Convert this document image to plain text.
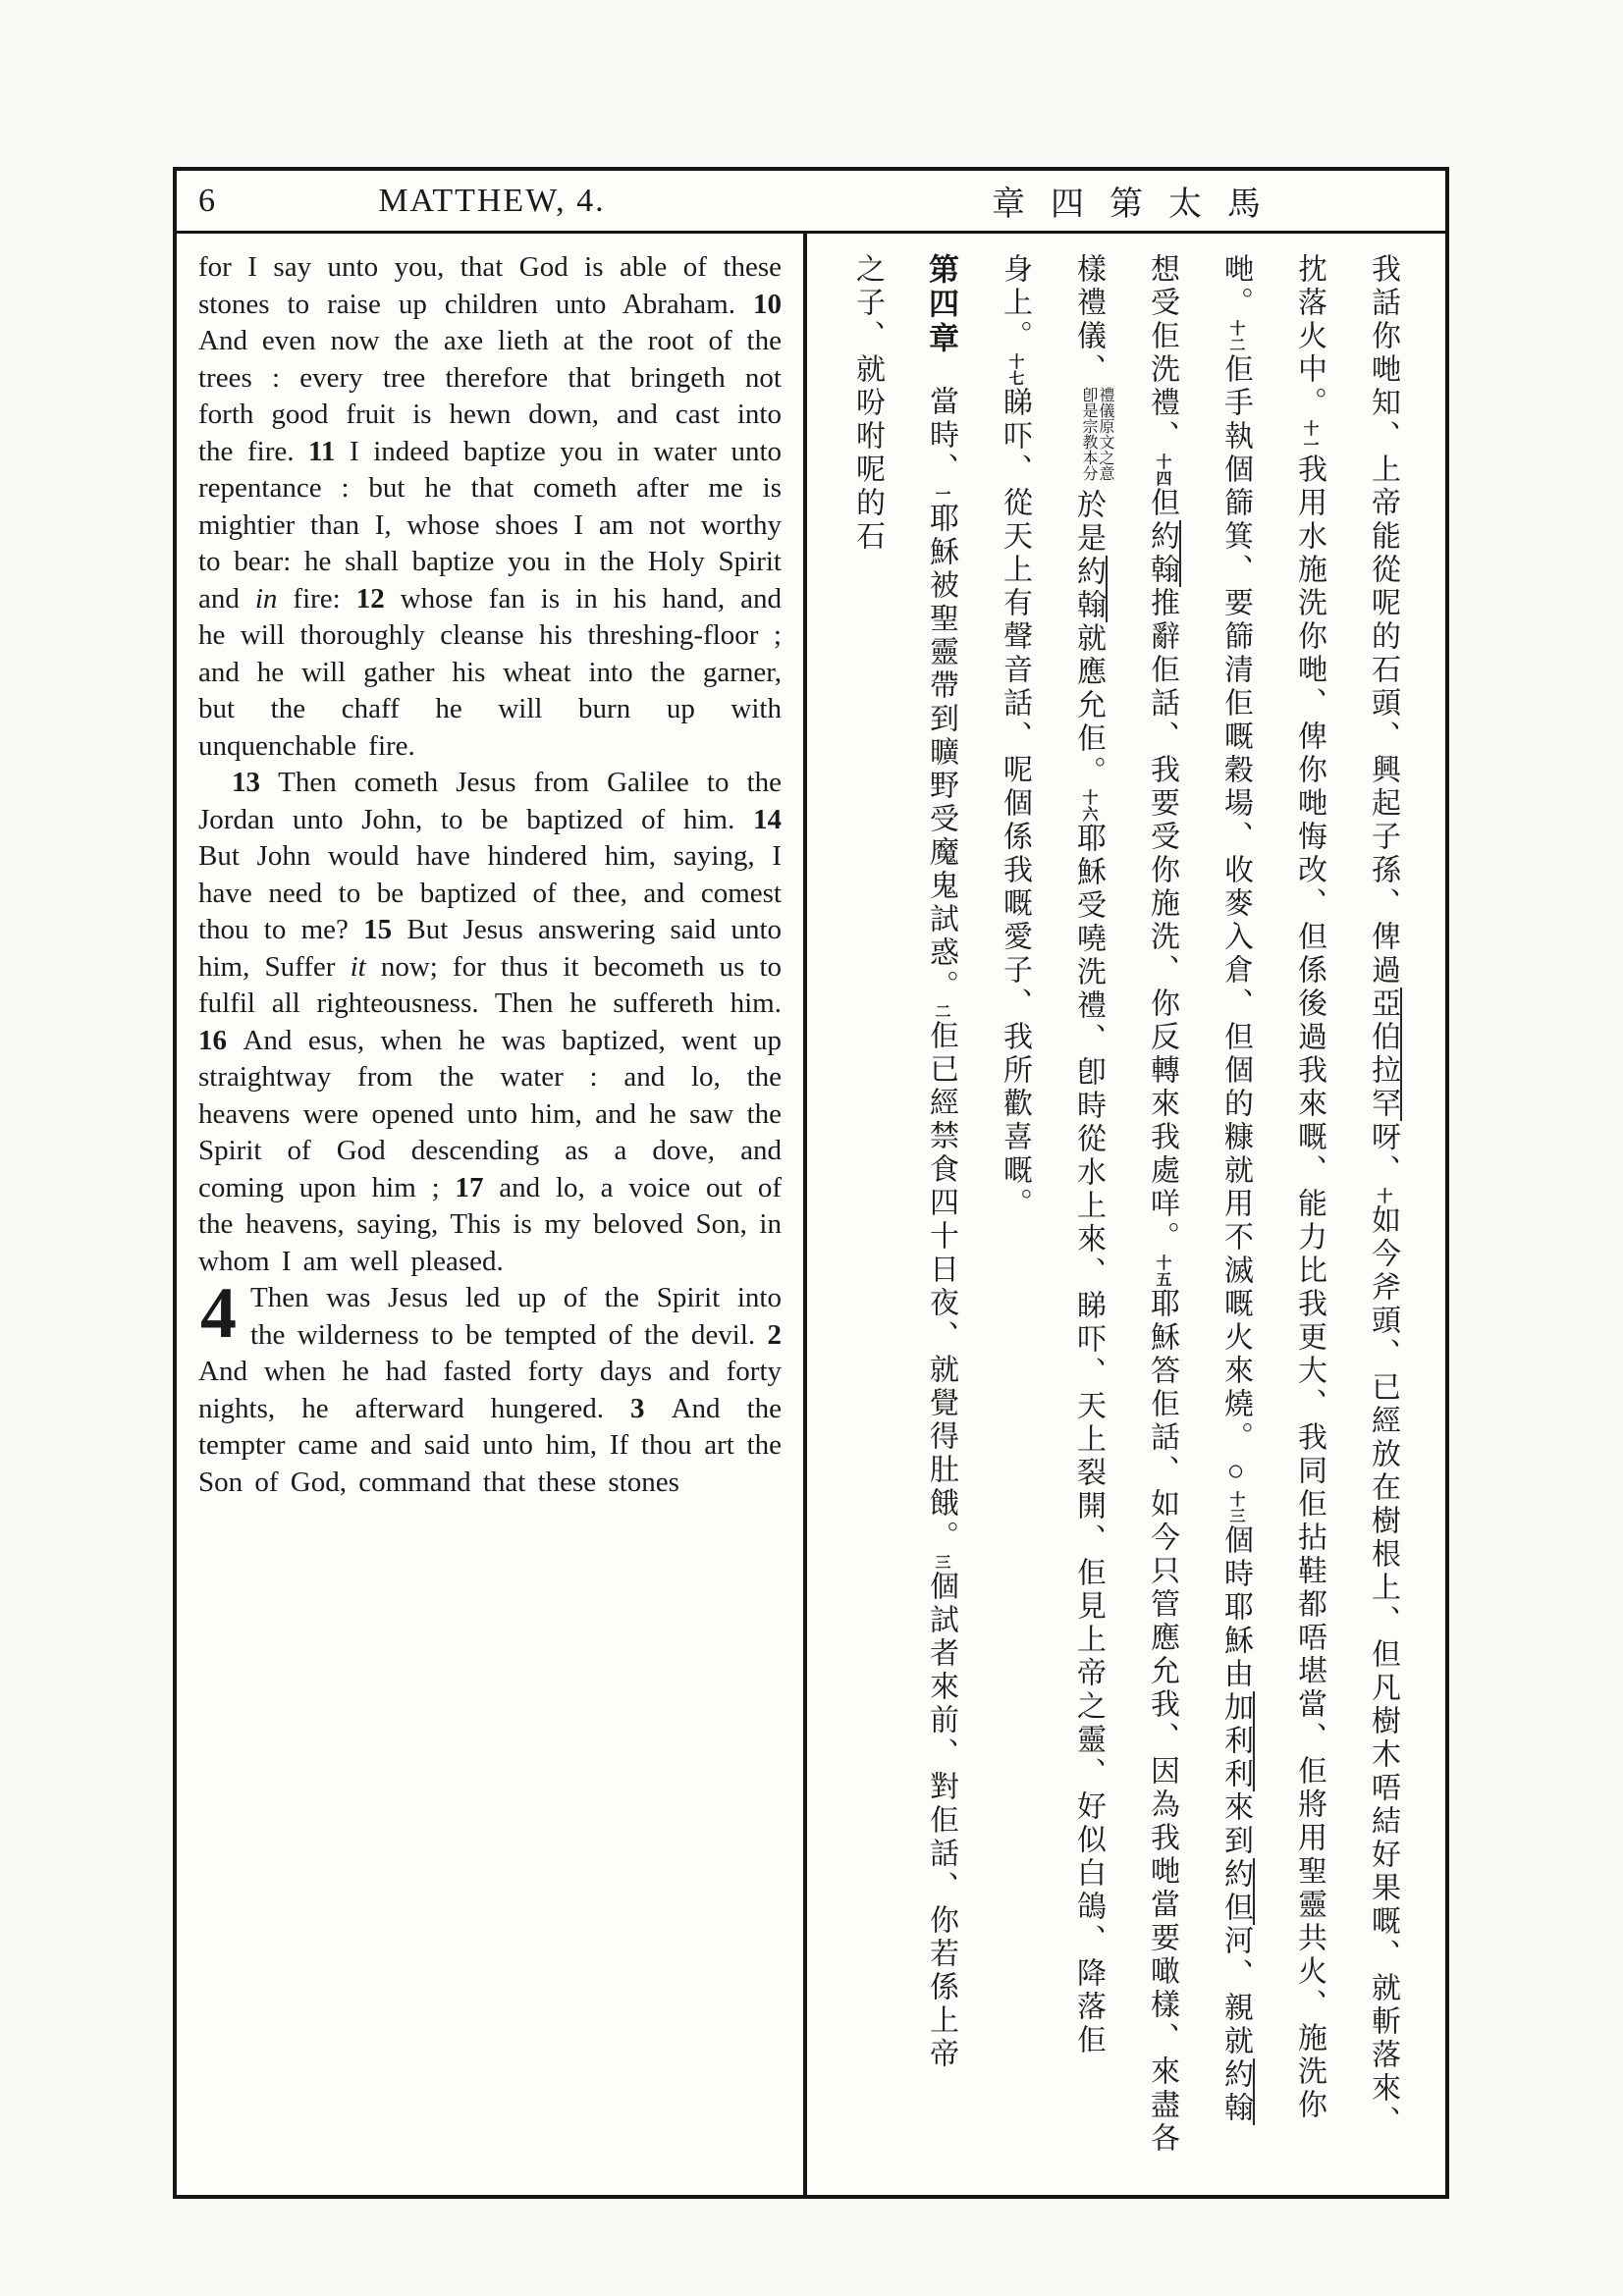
6	MATTHEW, 4.	章四第太馬

for I say unto you, that God is able of these stones to raise up children unto Abraham. 10 And even now the axe lieth at the root of the trees : every tree therefore that bringeth not forth good fruit is hewn down, and cast into the fire. 11 I indeed baptize you in water unto repentance : but he that cometh after me is mightier than I, whose shoes I am not worthy to bear: he shall baptize you in the Holy Spirit and in fire: 12 whose fan is in his hand, and he will thoroughly cleanse his threshing-floor ; and he will gather his wheat into the garner, but the chaff he will burn up with unquenchable fire.

13 Then cometh Jesus from Galilee to the Jordan unto John, to be baptized of him. 14 But John would have hindered him, saying, I have need to be baptized of thee, and comest thou to me? 15 But Jesus answering said unto him, Suffer it now; for thus it becometh us to fulfil all righteousness. Then he suffereth him. 16 And esus, when he was baptized, went up straightway from the water : and lo, the heavens were opened unto him, and he saw the Spirit of God descending as a dove, and coming upon him ; 17 and lo, a voice out of the heavens, saying, This is my beloved Son, in whom I am well pleased.

4 Then was Jesus led up of the Spirit into the wilderness to be tempted of the devil. 2 And when he had fasted forty days and forty nights, he afterward hungered. 3 And the tempter came and said unto him, If thou art the Son of God, command that these stones

我話你哋知、上帝能從呢的石頭、興起子孫、俾過亞伯拉罕呀、十如今斧頭、已經放在樹根上、但凡樹木唔結好果嘅、就斬落來、
抌落火中。十一我用水施洗你哋、俾你哋悔改、但係後過我來嘅、能力比我更大、我同佢拈鞋都唔堪當、佢將用聖靈共火、施洗你
哋。十二佢手執個篩箕、要篩清佢嘅穀場、收麥入倉、但個的糠就用不滅嘅火來燒。○十三個時耶穌由加利利來到約但河、親就約翰
想受佢洗禮、十四但約翰推辭佢話、我要受你施洗、你反轉來我處咩。十五耶穌答佢話、如今只管應允我、因為我哋當要噉樣、來盡各
樣禮儀、禮儀原文之意卽是宗教本分於是約翰就應允佢。十六耶穌受嘵洗禮、卽時從水上來、睇吓、天上裂開、佢見上帝之靈、好似白鴿、降落佢
身上。十七睇吓、從天上有聲音話、呢個係我嘅愛子、我所歡喜嘅。
第四章當時、一耶穌被聖靈帶到曠野受魔鬼試惑。二佢已經禁食四十日夜、就覺得肚餓。三個試者來前、對佢話、你若係上帝
之子、就吩咐呢的石
